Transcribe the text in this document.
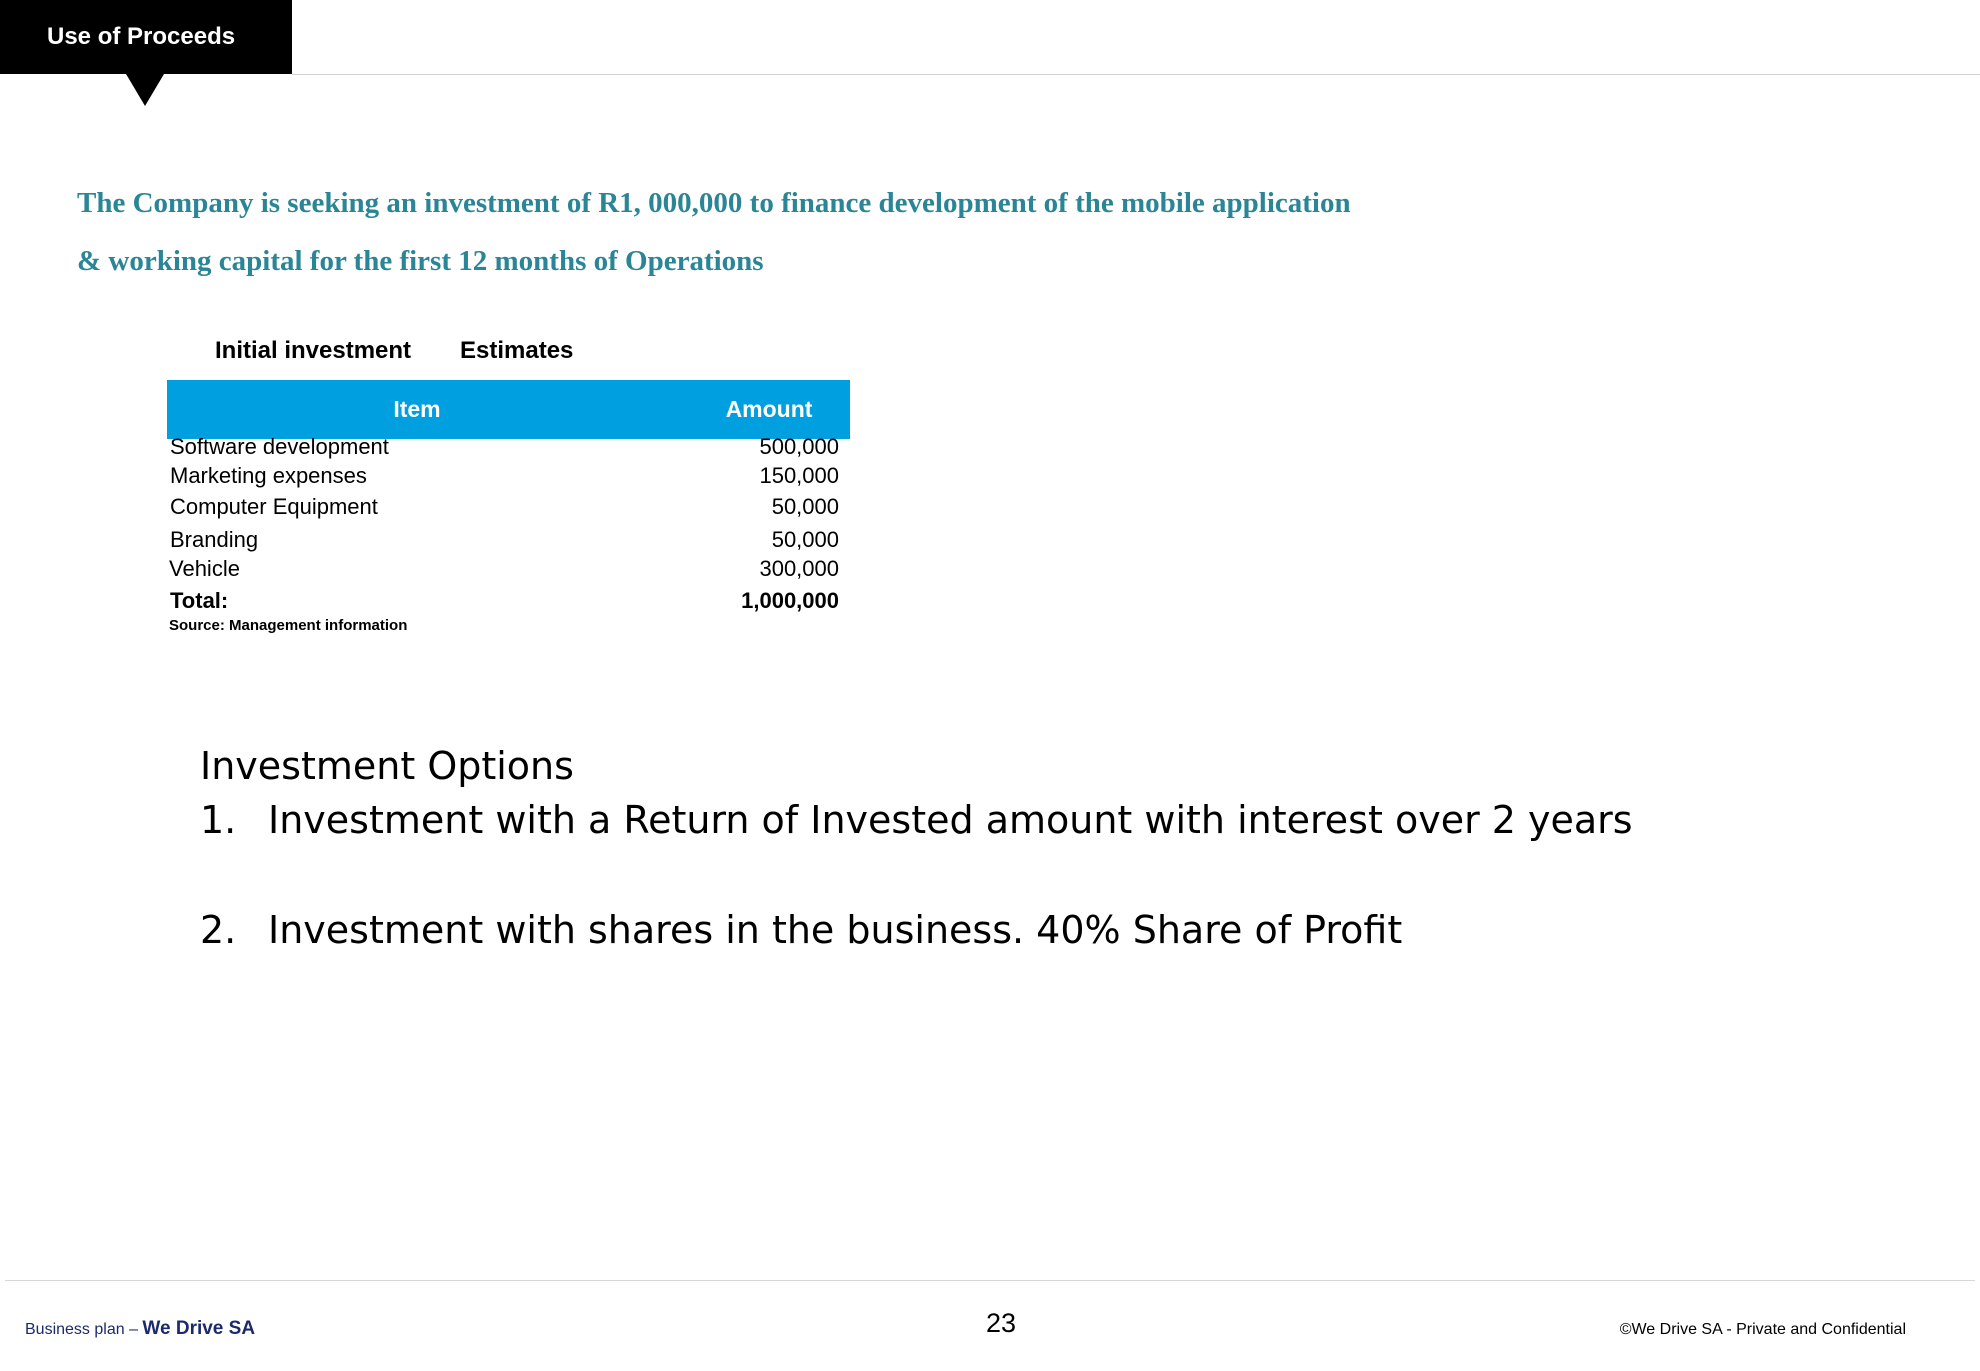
Use of Proceeds

The Company is seeking an investment of R1, 000,000 to finance development of the mobile application

& working capital for the first 12 months of Operations

Initial investment Estimates
Item	Amount
Software development	500,000
Marketing expenses	150,000
Computer Equipment	50,000
Branding	50,000
Vehicle	300,000
Total:	1,000,000
Source: Management information
Investment Options
1. Investment with a Return of Invested amount with interest over 2 years
2. Investment with shares in the business. 40% Share of Profit
Business plan – We Drive SA	23	©We Drive SA - Private and Confidential
